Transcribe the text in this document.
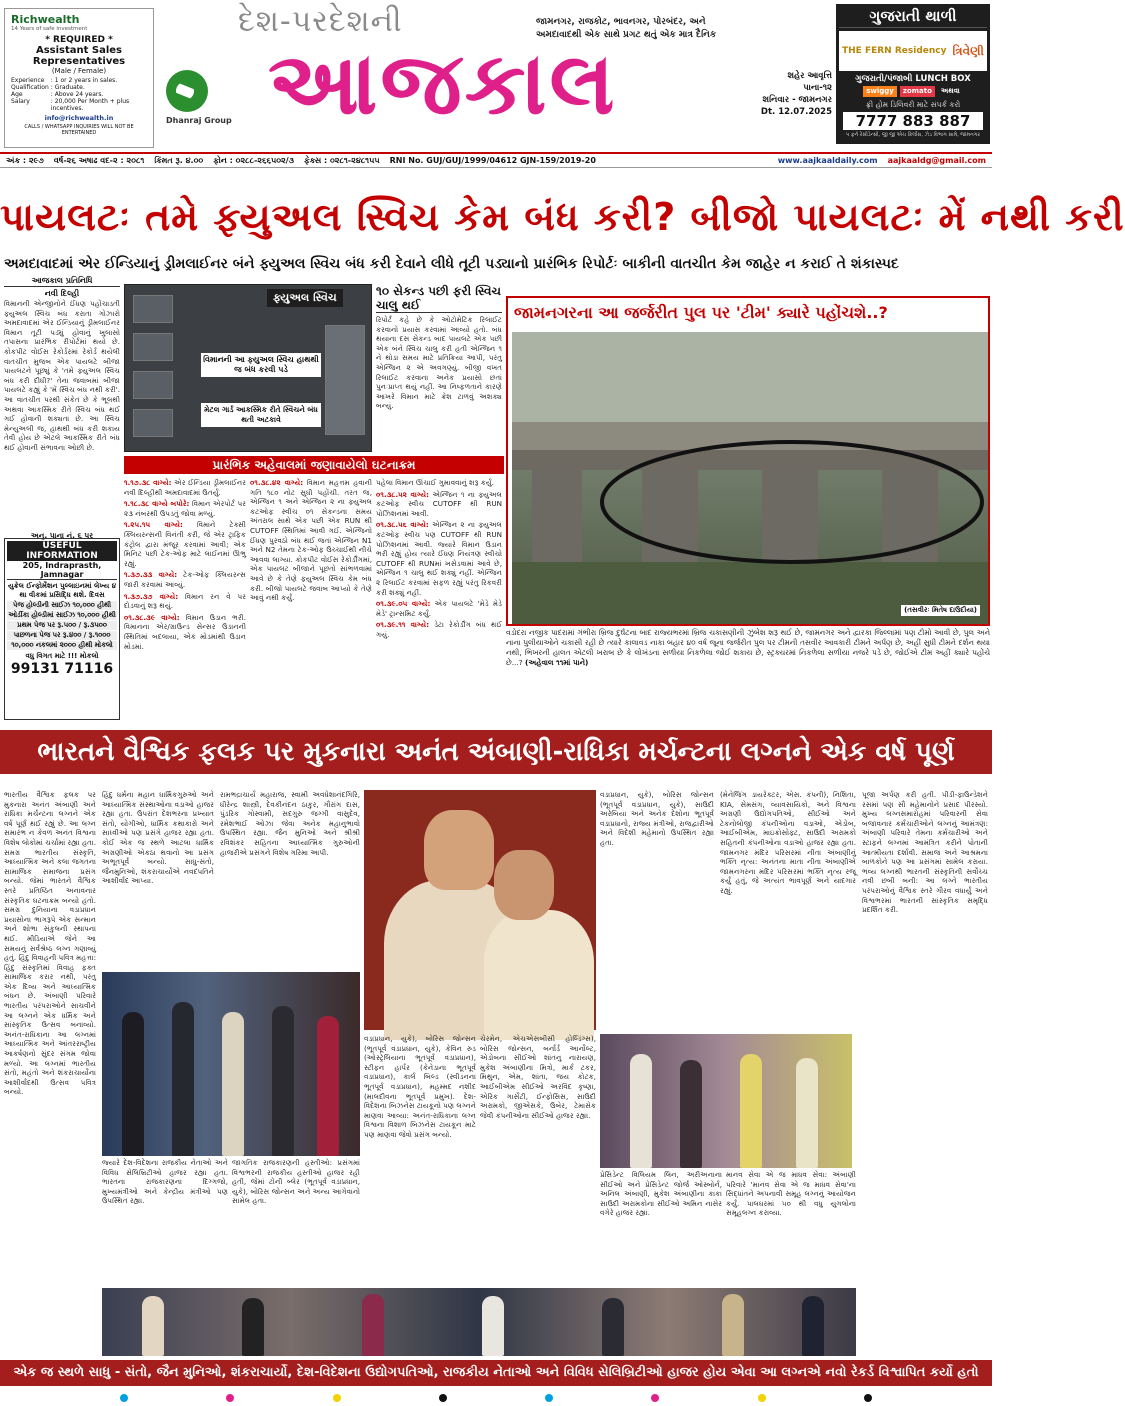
Richwealth
14 Years of safe investment
* REQUIRED *
Assistant Sales Representatives
(Male / Female)
Experience	: 1 or 2 years in sales.
Qualification	: Graduate.
Age	: Above 24 years.
Salary	: 20,000 Per Month + plus incentives.
info@richwealth.in
CALLS / WHATSAPP INQUIRIES WILL NOT BE ENTERTAINED
Dhanraj Group
દેશ-પરદેશની
આજકાલ
જામનગર, રાજકોટ, ભાવનગર, પોરબંદર, અને અમદાવાદથી એક સાથે પ્રગટ થતું એક માત્ર દૈનિક
શહેર આવૃત્તિ
પાના-૧૨
શનિવાર - જામનગર
Dt. 12.07.2025
ગુજરાતી થાળી
THE FERN Residency ત્રિવેણી
ગુજરાતી/પંજાબી LUNCH BOX
swiggy	zomato	અથવા
ફ્રી હોમ ડિલિવરી માટે સંપર્ક કરો
7777 883 887
૫ ફર્ન રેસીડેન્સી, જી જી એચ કિર્લોસ, ઝેડ વિભાગ સામે, જામનગર
અંક : ૨૯૭ વર્ષ-૨૬ અષાઢ વદ-૨ : ૨૦૮૧ કિંમત રૂ. ૪.૦૦ ફોન : ૦૨૮૮-૨૬૬૫૦૨/૩ ફેક્સ : ૦૨૮૧-૨૪૮૧૫૫ RNI No. GUJ/GUJ/1999/04612 GJN-159/2019-20	www.aajkaaldaily.com aajkaaldg@gmail.com
પાયલટઃ તમે ફ્યુઅલ સ્વિચ કેમ બંધ કરી? બીજો પાયલટઃ મેં નથી કરી
અમદાવાદમાં એર ઈન્ડિયાનું ડ્રીમલાઈનર બંને ફ્યુઅલ સ્વિચ બંધ કરી દેવાને લીધે તૂટી પડ્યાનો પ્રારંભિક રિપોર્ટઃ બાકીની વાતચીત કેમ જાહેર ન કરાઈ તે શંકાસ્પદ
આજકાલ પ્રતિનિધિ
નવી દિલ્હી
વિમાનની એન્જીનોને ઈંધણ પહોંચાડતી ફ્યુઅલ સ્વિચ બંધ કરાતા ગોઝારો અમદાવાદમાં એર ઈન્ડિયાનું ડ્રીમલાઈનર વિમાન તૂટી પડ્યું હોવાનું ખુલાસો તપાસના પ્રારંભિક રીપોર્ટમાં થયો છે. કોકપીટ વોઈસ રેકોર્ડરમાં રેકોર્ડ થયેલી વાતચીત મુજબ એક પાયલટે બીજા પાયલટને પૂછ્યું કે 'તમે ફ્યુઅલ સ્વિચ બંધ કરી દીધી?' તેના જવાબમાં બીજા પાયલટે કહ્યું કે 'મેં સ્વિચ બંધ નથી કરી'. આ વાતચીત પરથી સંકેત છે કે ભૂલથી અથવા આકસ્મિક રીતે સ્વિચ બંધ થઈ ગઈ હોવાની શક્યતા છે. આ સ્વિચ મેન્યુઅલી જ, હાથથી બંધ કરી શકાય તેવી હોય છે એટલે આકસ્મિક રીતે બંધ થઈ હોવાની સંભાવના ઓછી છે.
અનુ. પાના નં. ૬ પર
USEFUL INFORMATION
205, Indraprasth, Jamnagar
યુક્રેલ ઈન્ફોર્મેશન પુલ્લાઇનમાં લેખ્ય ૪ થા વીકમાં પ્રસિદ્ધિ થશે. દિવસ
પેજ હોલ્ડીની સાઈઝ ૧૦,૦૦૦ હીથી
ઓર્ડીકા હોલ્ડીમાં સાઈઝ ૧૦,૦૦૦ હીથી
પ્રથમ પેજ પર રૂ.૫૦૦ / રૂ.૩૫૦૦
પાછળના પેજ પર રૂ.૪૦૦ / રૂ.૧૦૦૦
૧૦,૦૦૦ નકલમાં ૨૦૦૦ હીથી મોકલો
વધુ વિગત માટે !!! મોકલો
99131 71116
ફ્યુઅલ સ્વિચ
વિમાનની આ ફ્યુઅલ સ્વિચ હાથથી જ બંધ કરવી પડે
મેટલ ગાર્ડ આકસ્મિક રીતે સ્વિચને બંધ થતી અટકાવે
૧૦ સેકન્ડ પછી ફરી સ્વિચ ચાલુ થઈ
રિપોર્ટ કહે છે કે ઓટોમેટિક રિલાઈટ કરવાનો પ્રયાસ કરવામાં આવ્યો હતો. બંધ થયાના દસ સેકન્ડ બાદ પાયલટે એક પછી એક બંને સ્વિચ ચાલુ કરી હતી એન્જિન ૧ ને થોડા સમય માટે પ્રતિક્રિયા આપી, પરંતુ એન્જિન ૨ એ અવગણ્યું. બીજી વખત રિલાઈટ કરવાના અનેક પ્રયાસો છતાં પુનઃપ્રાપ્ત થયું નહીં. આ નિષ્ફળતાને કારણે આખરે વિમાન માટે ક્રેશ ટાળવું અશક્ય બન્યું.
પ્રારંભિક અહેવાલમાં જણાવાયેલો ઘટનાક્રમ

૧.૧૭.૩૮ વાગ્યે: એર ઈન્ડિયા ડ્રીમલાઈનર નવી દિલ્હીથી અમદાવાદમાં ઉતર્યું.

૧.૧૮.૩૮ વાગ્યે બપોરે: વિમાન એરપોર્ટ પર ૨૩ નંબરથી ઉપડતું જોવા મળ્યું.

૧.૨૫.૧૫ વાગ્યે: વિમાને ટેક્સી ક્લિયરન્સની વિનંતી કરી, જે એર ટ્રાફિક કંટ્રોલ દ્વારા મંજૂર કરવામાં આવી; એક મિનિટ પછી ટેક-ઓફ માટે લાઈનમાં ઊભુ રહ્યું.

૧.૩૭.૩૩ વાગ્યે: ટેક-ઓફ ક્લિયરન્સ જારી કરવામાં આવ્યું.

૧.૩૭.૩૭ વાગ્યે: વિમાન રન વે પર દોડવાનું શરૂ થયું.

૦૧.૩૮.૩૯ વાગ્યે: વિમાન ઉડાન ભરી. વિમાનના એર/ગ્રાઉન્ડ સેન્સર ઉડાનની સ્થિતિમાં બદલાયા, એક મોડમાંથી ઉડાન મોડમાં.

૦૧.૩૮.૪૨ વાગ્યે: વિમાન મહત્તમ હવાની ગતિ ૧૮૦ નોટ સુધી પહોંચી. તરત જ, એન્જિન ૧ અને એન્જિન ૨ ના ફ્યુઅલ કટઓફ સ્વીચ ૦૧ સેકન્ડના સમય અંતરાલ સાથે એક પછી એક RUN થી CUTOFF સ્થિતિમાં આવી ગઈ. એન્જિનો ઈંધણ પુરવઠો બંધ થઈ જતાં એન્જિન N1 અને N2 તેમના ટેક-ઓફ ઉચ્ચાઈથી નીચે આવવા લાગ્યા. કોકપીટ વોઈસ રેકોર્ડીંગમાં, એક પાયલટ બીજાને પૂછતો સાંભળવામાં આવે છે કે તેણે ફ્યુઅલ સ્વિચ કેમ બંધ કરી. બીજો પાયલટે જવાબ આપ્યો કે તેણે આવું નથી કર્યું.

પહેલા વિમાન ઊંચાઈ ગુમાવવાનું શરૂ કર્યું.

૦૧.૩૮.૫૨ વાગ્યે: એન્જિન ૧ ના ફ્યુઅલ કટઓફ સ્વીચ CUTOFF થી RUN પોઝિશનમાં આવી.

૦૧.૩૮.૫૬ વાગ્યે: એન્જિન ૨ ના ફ્યુઅલ કટઓફ સ્વીચ પણ CUTOFF થી RUN પોઝિશનમાં આવી. જ્યારે વિમાન ઉડાન ભરી રહ્યું હોય ત્યારે ઈંધણ નિયંત્રણ સ્વીચો CUTOFF થી RUNમાં ખસેડવામાં આવે છે, એન્જિન ૧ ચાલુ થઈ શક્યું નહીં. એન્જિન ૨ રિલાઈટ કરવામાં સફળ રહ્યું પરંતુ રિકવરી કરી શક્યું નહીં.

૦૧.૩૯.૦૫ વાગ્યે: એક પાયલટે 'મેડે મેડે મેડે' ટ્રાન્સમિટ કર્યું.

૦૧.૩૯.૧૧ વાગ્યે: ડેટા રેકોર્ડીંગ બંધ થઈ ગયું.

જામનગરના આ જર્જરીત પુલ પર 'ટીમ' ક્યારે પહોંચશે..?
(તસવીરઃ મિતેષ દાઉદીયા)
વડોદરા નજીક પાદરામાં ગંભીરા બ્રિજ દુર્ઘટના બાદ રાજ્યભરમાં બ્રિજ ચકાસણીની ઝુંબેશ શરૂ થઈ છે, જામનગર અને દ્વારકા જિલ્લામાં પણ ટીમો આવી છે, પુલ અને નાના પુલીયાઓને ચકાસી રહી છે ત્યારે કાલાવડ નાકા બહાર ૪૦ વર્ષ જૂના જર્જરીત પુલ પર ટીમની તસવીર આવકારી ટીમને અર્પણ છે, અહીં સુધી ટીમને દર્શન થયા નથી, ભિખરની હાલત એટલી ખરાબ છે કે લોખંડના સળીયા નિકળેલા જોઈ શકાય છે, સ્ટ્રક્ચરમાં નિકળેલા સળીયા નજરે પડે છે, જોઈએ ટીમ અહીં ક્યારે પહોંચે છે...? (અહેવાલ ૧૧માં પાને)
ભારતને વૈશ્વિક ફલક પર મુકનારા અનંત અંબાણી-રાધિકા મર્ચન્ટના લગ્નને એક વર્ષ પૂર્ણ
ભારતીય વૈશ્વિક ફલક પર મુકનારા અનંત અંબાણી અને રાધિકા મર્ચન્ટના લગ્નને એક વર્ષ પૂર્ણ થઈ રહ્યું છે. આ લગ્ન સમારંભ ન કેવળ અનંત વિશ્વના વિશેષ લોકોમાં ચર્ચામાં રહ્યા હતા. સમગ્ર ભારતીય સંસ્કૃતિ, આધ્યાત્મિક અને કલા જગતના સામાજિક સમાજના પ્રસંગ બન્યો. જેમાં ભારતને વૈશ્વિક સ્તરે પ્રતિષ્ઠિત અનાવનાર સંસ્કૃતિક ઘટનાક્રમ બન્યો હતો. સમગ્ર દુનિયાના વડાપ્રધાન પ્રયાસોના ભાગરૂપે એક સન્માન અને શોભા સંકુલની સ્થાપના થઈ. મીડિયાએ જેને આ સમયનું સર્વશ્રેષ્ઠ લગ્ન ગણાવ્યું હતું. હિંદુ વિવાહની પવિત્ર મહત્તા: હિંદુ સંસ્કૃતિમાં વિવાહ ફક્ત સામાજિક કરાર નથી, પરંતુ એક દિવ્ય અને આધ્યાત્મિક બંધન છે. અંબાણી પરિવારે ભારતીય પરંપરાઓને સાચવીને આ લગ્નને એક ધર્મિક અને સાંસ્કૃતિક ઉત્સવ બનાવ્યો. અનંત-રાધિકાના આ લગ્નમાં આધ્યાત્મિક અને આંતરરાષ્ટ્રીય આકર્ષણનો સુંદર સંગમ જોવા મળ્યો. આ લગ્નમાં ભારતીય સંતો, મહંતો અને શંકરાચાર્યોના આશીર્વાદથી ઉત્સવ પવિત્ર બન્યો.
હિંદુ ધર્મના મહાન ધાર્મિકગુરુઓ અને આધ્યાત્મિક સંસ્થાઓના વડાઓ હાજર રહ્યા હતા. ઉપરાંત દેશભરના પ્રખ્યાત સંતો, યોગીઓ, ધાર્મિક કથાકારો અને સાધ્વીઓ પણ પ્રસંગે હાજર રહ્યા હતા. કોઈ એક જ સ્થળે આટલા ધાર્મિક અગ્રણીઓ એકઠા થવાનો આ પ્રસંગ અભૂતપૂર્વ બન્યો. સાધુ-સંતો, જૈનમુનિઓ, શંકરાચાર્યોએ નવદંપતિને આશીર્વાદ આપ્યા.
રામભદ્રાચાર્ય મહારાજ, સ્વામી અવધેશાનંદગિરિ, ધીરેન્દ્ર શાસ્ત્રી, દેવકીનંદન ઠાકુર, ગૌરાંગ દાસ, પુંડરિક ગોસ્વામી, સદગુરુ જગ્ગી વાસુદેવ, રમેશભાઈ ઓઝા જેવા અનેક મહાનુભાવો ઉપસ્થિત રહ્યા. જૈન મુનિઓ અને શ્રીશ્રી રવિશંકર સહિતના આધ્યાત્મિક ગુરુઓની હાજરીએ પ્રસંગને વિશેષ ગરિમા આપી.
વડાપ્રધાન, યુકે), બોરિસ જોન્સન (ભૂતપૂર્વ વડાપ્રધાન, યુકે), સાઉદી અરેબિયા અને અનેક દેશોના ભૂતપૂર્વ વડાપ્રધાનો, રાજ્ય મંત્રીઓ, રાજદ્વારીઓ અને વિદેશી મહેમાનો ઉપસ્થિત રહ્યા હતા.
(મેનેજિંગ ડાયરેક્ટર, એસ. કંપની), નિશિતા, KIA, સેમસંગ, વ્યાવસાયિકો, અને વિશ્વના અગ્રણી ઉદ્યોગપતિઓ, સીઈઓ અને ટેકનોલોજી કંપનીઓના વડાઓ, એડોબ, આઈબીએમ, માઇક્રોસોફ્ટ, સાઉદી અરામકો સહિતની કંપનીઓના વડાઓ હાજર રહ્યા હતા. જામનગર મંદિર પરિસરમાં નીતા અંબાણીનું ભક્તિ નૃત્ય: અનંતના માતા નીતા અંબાણીએ જામનગરના મંદિર પરિસરમાં ભક્તિ નૃત્ય રજૂ કર્યું હતું, જે અત્યંત ભાવપૂર્ણ અને યાદગાર રહ્યું.
પૂજા અર્પણ કરી હતી. પીડી-ફાઉન્ડેશને રસમાં પણ સૌ મહેમાનોને પ્રસાદ પીરસ્યો. મુખ્ય લગ્નસમારોહમાં પરિવારની સેવા બજાવનાર કર્મચારીઓને લગ્નનું આમંત્રણ: અંબાણી પરિવારે તેમના કર્મચારીઓ અને સ્ટાફને લગ્નમાં આમંત્રિત કરીને પોતાની આત્મીયતા દર્શાવી. સમાજ અને આશ્રમના બાળકોને પણ આ પ્રસંગમાં સામેલ કરાયા. ભવ્ય લગ્નથી ભારતની સંસ્કૃતિની સર્વોચ્ચ નવી છબી બની: આ લગ્ને ભારતીય પરંપરાઓનું વૈશ્વિક સ્તરે ગૌરવ વધાર્યું અને વિશ્વભરમાં ભારતની સાંસ્કૃતિક સમૃદ્ધિ પ્રદર્શિત કરી.
વડાપ્રધાન, યુકે), બોરિસ જોન્સન (ભૂતપૂર્વ વડાપ્રધાન, યુકે), કેવિન રુડ (ઓસ્ટ્રેલિયાના ભૂતપૂર્વ વડાપ્રધાન), સ્ટીફન હાર્પર (કેનેડાના ભૂતપૂર્વ વડાપ્રધાન), કાર્લ બિલ્ડ (સ્વીડનના ભૂતપૂર્વ વડાપ્રધાન), મહમ્મદ નશીદ (માલદીવના ભૂતપૂર્વ પ્રમુખ). દેશ-વિદેશના બિઝનેસ ટાયકૂનો પણ લગ્નને માણવા આવ્યા: અનંત-રાધિકાના લગ્ન વિશ્વના વિશાળ બિઝનેસ ટાયકૂન માટે પણ માણવા જેવો પ્રસંગ બન્યો.
ચેરમેન, એચએસબીસી હોલ્ડિંગ્સ), બોરિસ જોન્સન, બર્નાર્ડ આર્નોલ્ટ, એડોબના સીઈઓ શાંતનુ નારાયણ, મુકેશ અંબાણીના મિત્રો, માર્ક ટકર, મિથુન, એમ, શાંતા, જય કોટક, આઈબીએમ સીઈઓ અરવિંદ કૃષ્ણા, એરિક ગાર્સેટી, ઈન્ફોસિસ, સાઉદી અરામકો, જીએસકે, ઉબેર, ટેમાસેક જેવી કંપનીઓના સીઈઓ હાજર રહ્યા.
પ્રેસિડેન્ટ વિલિયમ લિન, અરીઅનાના સીઈઓ અને પ્રેસિડેન્ટ જોર્જ ઓસ્બોર્ન, અનિલ અંબાણી, મુકેશ અંબાણીના કાકા સાઉદી અરામકોના સીઈઓ અમિન નાસેર વગેરે હાજર રહ્યા.
માનવ સેવા એ જ માધવ સેવા: અંબાણી પરિવારે 'માનવ સેવા એ જ માધવ સેવા'ના સિદ્ધાંતને અપનાવી સમૂહ લગ્નનું આયોજન કર્યું. પાલઘરમાં ૫૦ થી વધુ યુગલોના સમૂહલગ્ન કરાવ્યા.
જ્યારે દેશ-વિદેશના રાજકીય નેતાઓ અને વિવિધ સેલિબ્રિટીઓ હાજર રહ્યા હતા. ભારતના રાજકારણના દિગ્ગજો, મુખ્યમંત્રીઓ અને કેન્દ્રીય મંત્રીઓ પણ ઉપસ્થિત રહ્યા.
જાગતિક રાજકારણની હસ્તીઓ: પ્રસંગમાં વિશ્વભરની રાજકીય હસ્તીઓ હાજર રહી હતી, જેમાં ટોની બ્લેર (ભૂતપૂર્વ વડાપ્રધાન, યુકે), બોરિસ જોન્સન અને અન્ય આગેવાનો સામેલ હતા.
એક જ સ્થળે સાધુ - સંતો, જૈન મુનિઓ, શંકરાચાર્યો, દેશ-વિદેશના ઉદ્યોગપતિઓ, રાજકીય નેતાઓ અને વિવિધ સેલિબ્રિટીઓ હાજર હોય એવા આ લગ્નએ નવો રેકર્ડ વિશ્વાપિત કર્યો હતો
